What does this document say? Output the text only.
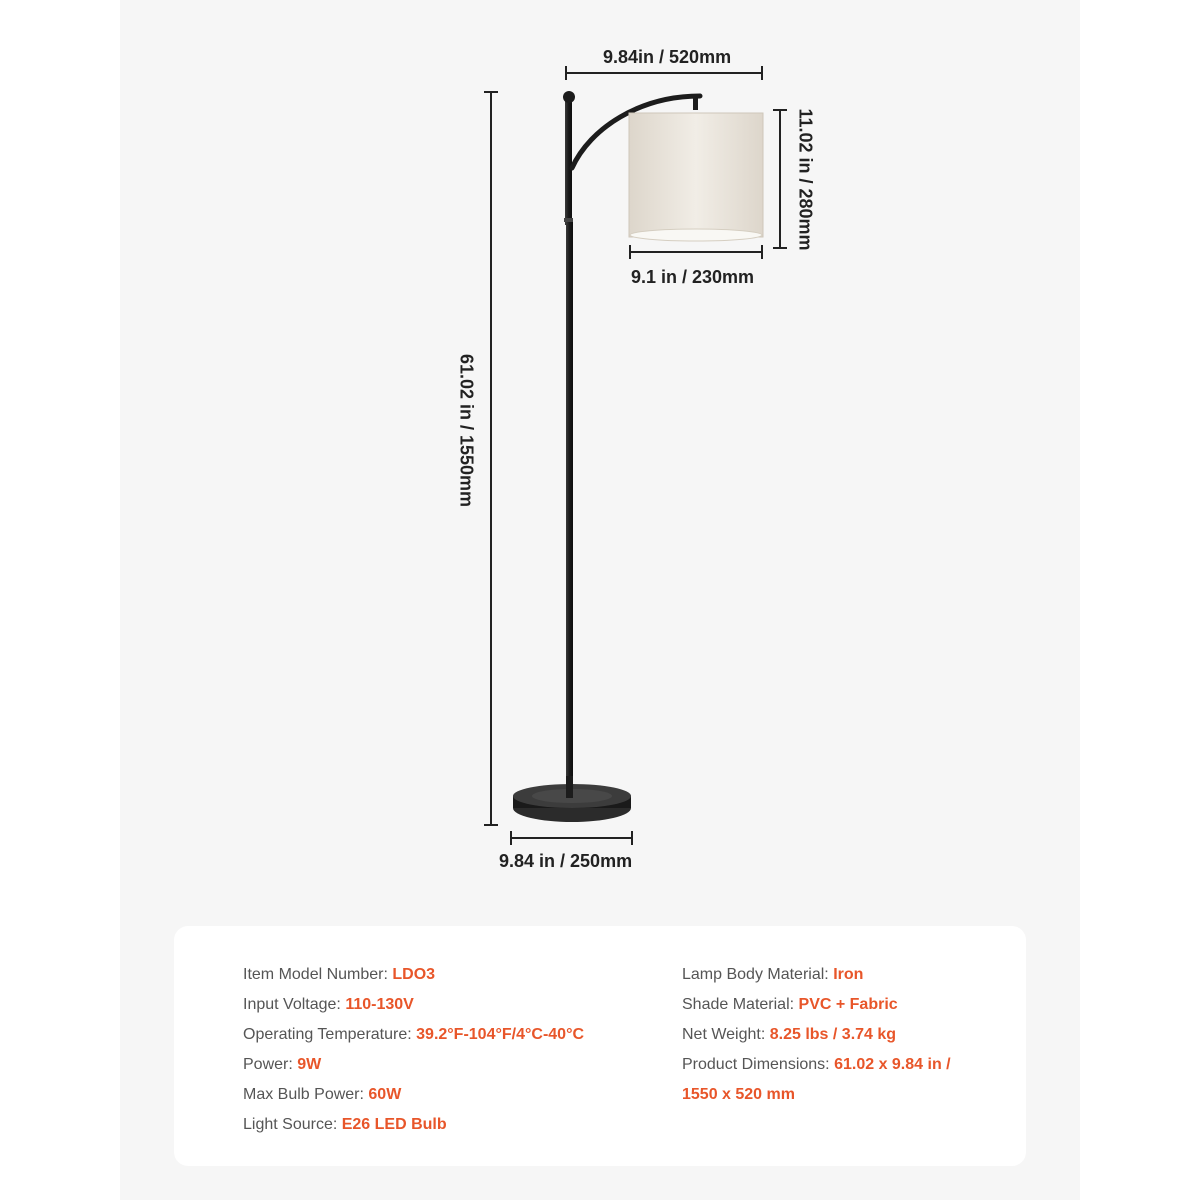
9.84in / 520mm
9.1 in / 230mm
9.84 in / 250mm
11.02 in / 280mm
61.02 in / 1550mm
Item Model Number: LDO3
Input Voltage: 110-130V
Operating Temperature: 39.2°F-104°F/4°C-40°C
Power: 9W
Max Bulb Power: 60W
Light Source: E26 LED Bulb
Lamp Body Material: Iron
Shade Material: PVC + Fabric
Net Weight: 8.25 lbs / 3.74 kg
Product Dimensions: 61.02 x 9.84 in /
1550 x 520 mm
